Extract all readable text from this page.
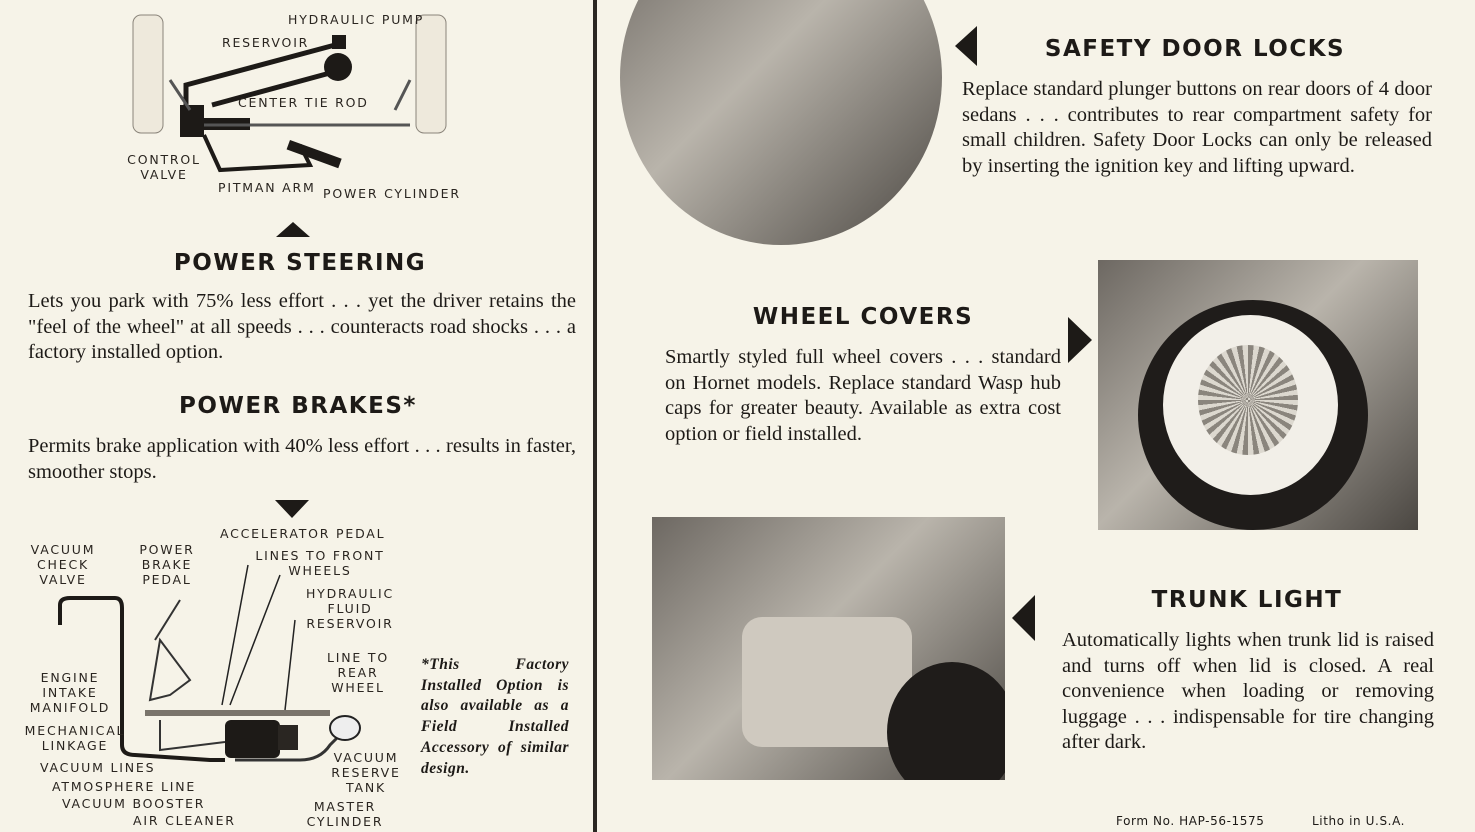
HYDRAULIC PUMP
RESERVOIR
CENTER TIE ROD
CONTROL VALVE
PITMAN ARM POWER CYLINDER
POWER STEERING
Lets you park with 75% less effort . . . yet the driver retains the "feel of the wheel" at all speeds . . . counteracts road shocks . . . a factory installed option.
POWER BRAKES*
Permits brake application with 40% less effort . . . results in faster, smoother stops.
VACUUM CHECK VALVE
POWER BRAKE PEDAL
ACCELERATOR PEDAL
LINES TO FRONT WHEELS
HYDRAULIC FLUID RESERVOIR
LINE TO REAR WHEEL
ENGINE INTAKE MANIFOLD
MECHANICAL LINKAGE
VACUUM LINES
ATMOSPHERE LINE
VACUUM BOOSTER
AIR CLEANER
VACUUM RESERVE TANK
MASTER CYLINDER
*This Factory Installed Option is also available as a Field Installed Accessory of similar design.
SAFETY DOOR LOCKS
Replace standard plunger buttons on rear doors of 4 door sedans . . . contributes to rear compartment safety for small children. Safety Door Locks can only be released by inserting the ignition key and lifting upward.
WHEEL COVERS
Smartly styled full wheel covers . . . standard on Hornet models. Replace standard Wasp hub caps for greater beauty. Available as extra cost option or field installed.
TRUNK LIGHT
Automatically lights when trunk lid is raised and turns off when lid is closed. A real convenience when loading or removing luggage . . . indispensable for tire changing after dark.
Form No. HAP-56-1575	Litho in U.S.A.
